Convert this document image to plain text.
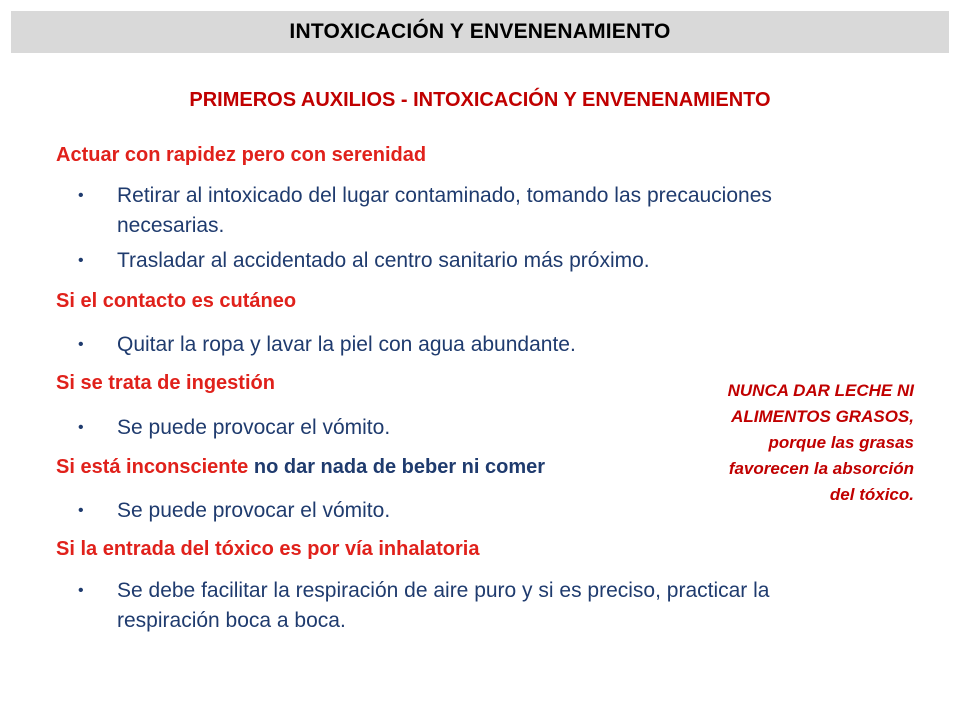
INTOXICACIÓN Y ENVENENAMIENTO
PRIMEROS AUXILIOS - INTOXICACIÓN Y ENVENENAMIENTO
Actuar con rapidez pero con serenidad
• Retirar al intoxicado del lugar contaminado, tomando las precauciones necesarias.
• Trasladar al accidentado al centro sanitario más próximo.
Si el contacto es cutáneo
• Quitar la ropa y lavar la piel con agua abundante.
Si se trata de ingestión
• Se puede provocar el vómito.
Si está inconsciente no dar nada de beber ni comer
• Se puede provocar el vómito.
Si la entrada del tóxico es por vía inhalatoria
• Se debe facilitar la respiración de aire puro y si es preciso, practicar la respiración boca a boca.
NUNCA DAR LECHE NI
ALIMENTOS GRASOS,
porque las grasas
favorecen la absorción
del tóxico.
